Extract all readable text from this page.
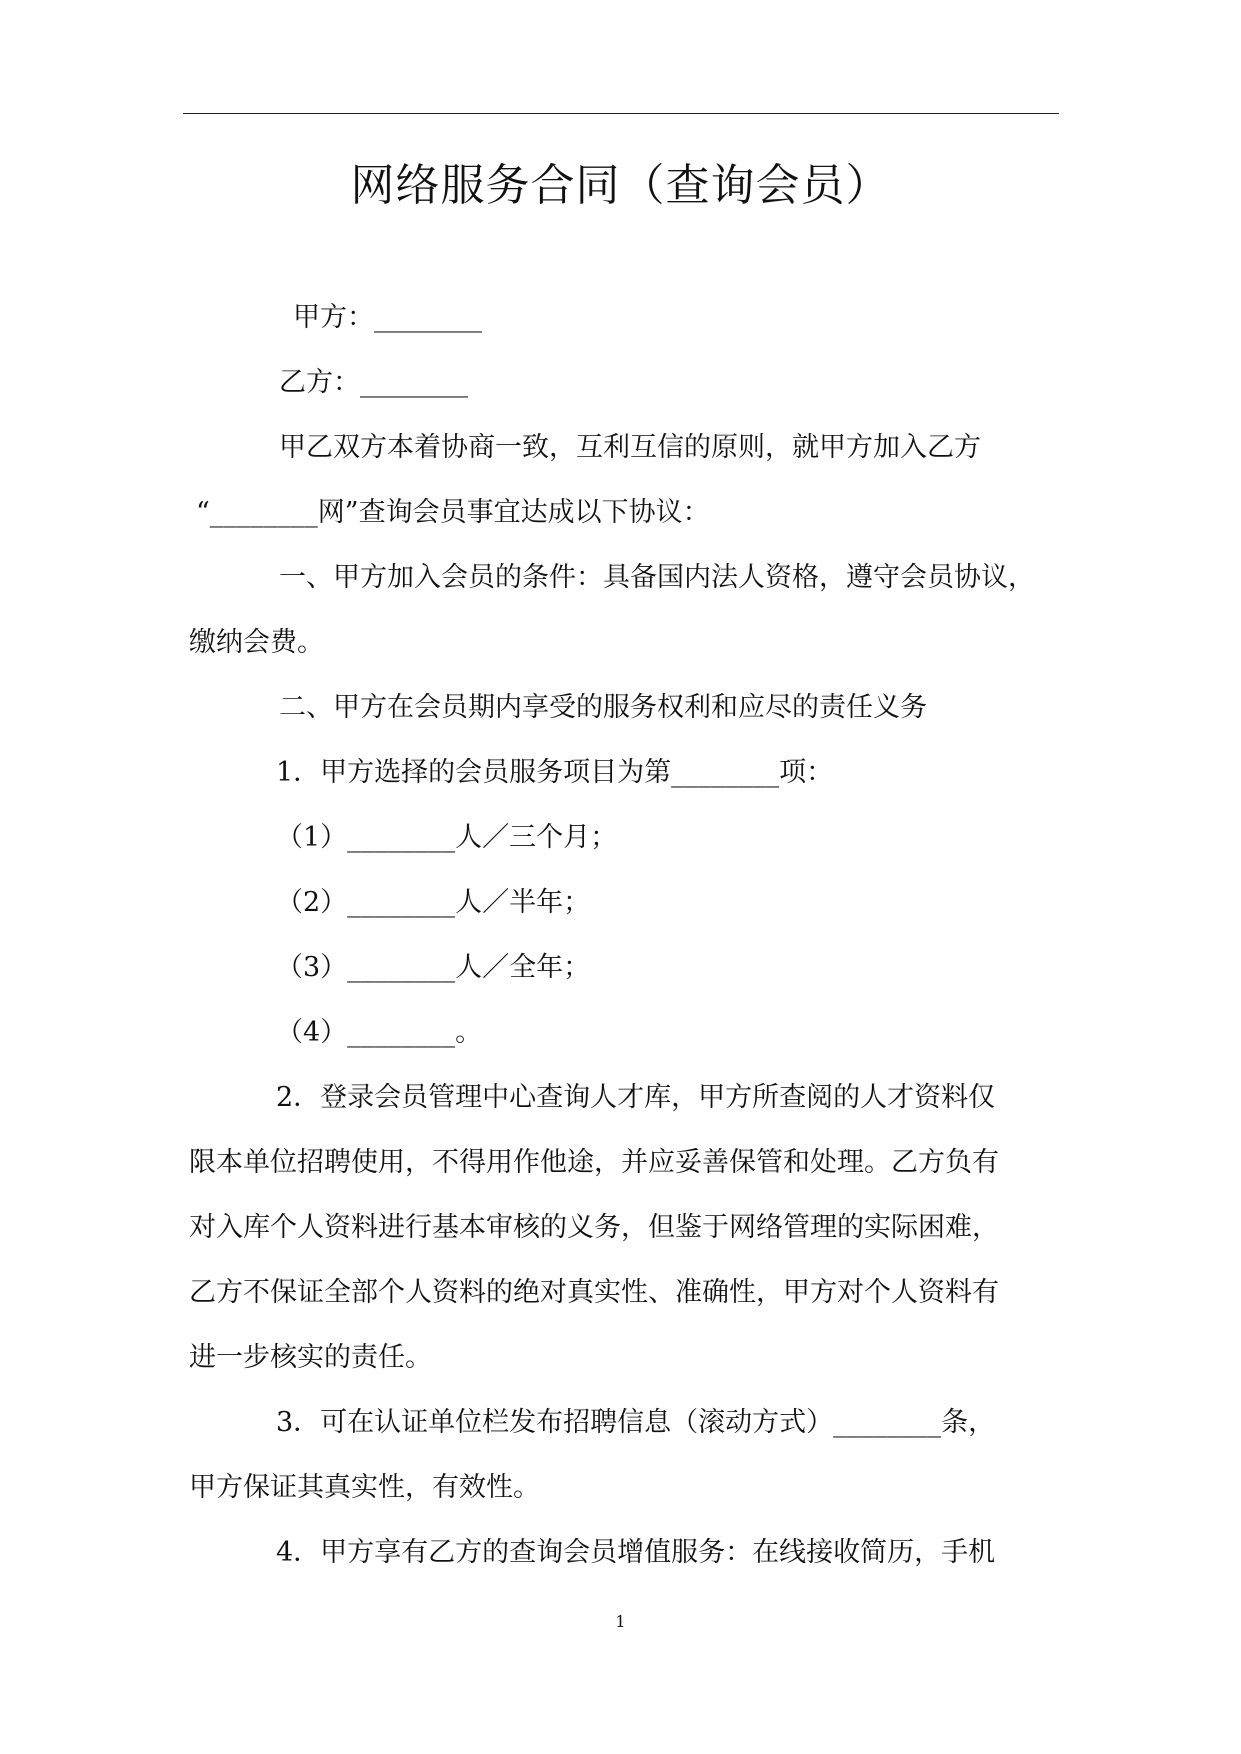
网络服务合同（查询会员）

甲方：________

乙方：________

甲乙双方本着协商一致，互利互信的原则，就甲方加入乙方

“________网”查询会员事宜达成以下协议：

一、甲方加入会员的条件：具备国内法人资格，遵守会员协议，

缴纳会费。

二、甲方在会员期内享受的服务权利和应尽的责任义务

1．甲方选择的会员服务项目为第________项：

（1）________人／三个月；

（2）________人／半年；

（3）________人／全年；

（4）________。

2．登录会员管理中心查询人才库，甲方所查阅的人才资料仅

限本单位招聘使用，不得用作他途，并应妥善保管和处理。乙方负有

对入库个人资料进行基本审核的义务，但鉴于网络管理的实际困难，

乙方不保证全部个人资料的绝对真实性、准确性，甲方对个人资料有

进一步核实的责任。

3．可在认证单位栏发布招聘信息（滚动方式）________条，

甲方保证其真实性，有效性。

4．甲方享有乙方的查询会员增值服务：在线接收简历，手机

1
